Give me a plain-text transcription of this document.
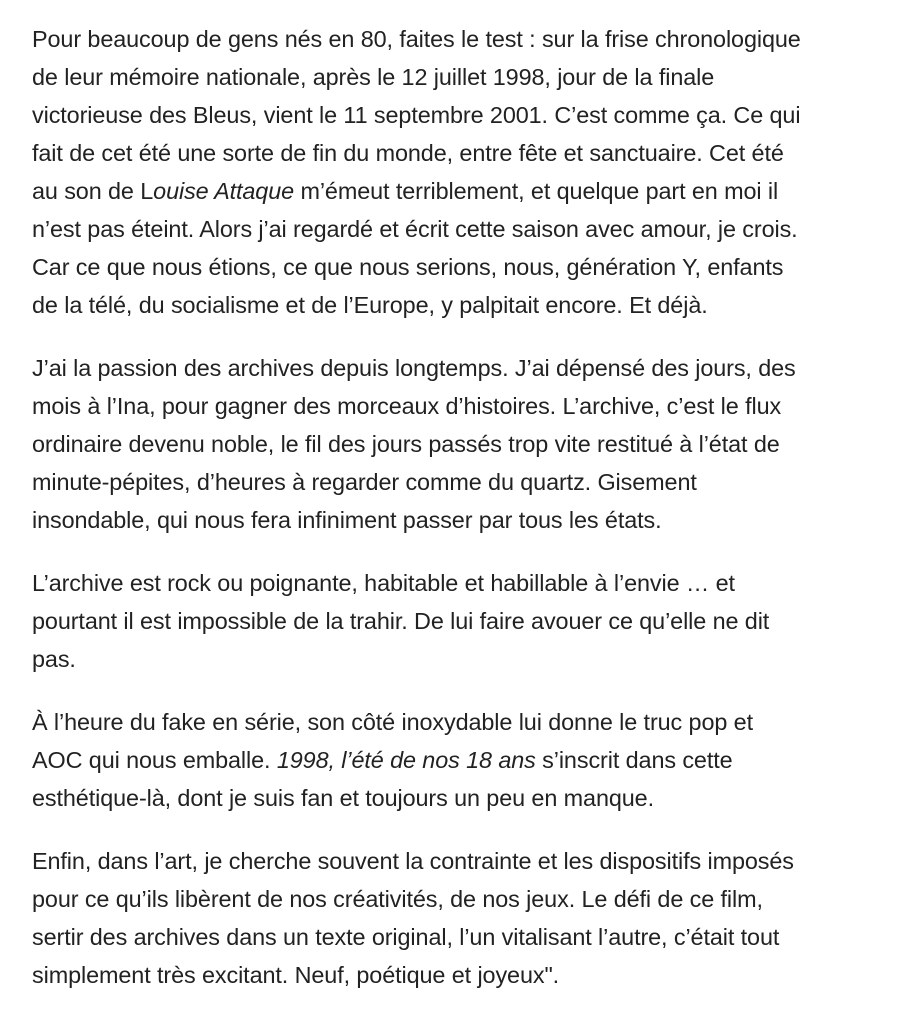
Pour beaucoup de gens nés en 80, faites le test : sur la frise chronologique
de leur mémoire nationale, après le 12 juillet 1998, jour de la finale
victorieuse des Bleus, vient le 11 septembre 2001. C’est comme ça. Ce qui
fait de cet été une sorte de fin du monde, entre fête et sanctuaire. Cet été
au son de Louise Attaque m’émeut terriblement, et quelque part en moi il
n’est pas éteint. Alors j’ai regardé et écrit cette saison avec amour, je crois.
Car ce que nous étions, ce que nous serions, nous, génération Y, enfants
de la télé, du socialisme et de l’Europe, y palpitait encore. Et déjà.

J’ai la passion des archives depuis longtemps. J’ai dépensé des jours, des
mois à l’Ina, pour gagner des morceaux d’histoires. L’archive, c’est le flux
ordinaire devenu noble, le fil des jours passés trop vite restitué à l’état de
minute-pépites, d’heures à regarder comme du quartz. Gisement
insondable, qui nous fera infiniment passer par tous les états.

L’archive est rock ou poignante, habitable et habillable à l’envie … et
pourtant il est impossible de la trahir. De lui faire avouer ce qu’elle ne dit
pas.

À l’heure du fake en série, son côté inoxydable lui donne le truc pop et
AOC qui nous emballe. 1998, l’été de nos 18 ans s’inscrit dans cette
esthétique-là, dont je suis fan et toujours un peu en manque.

Enfin, dans l’art, je cherche souvent la contrainte et les dispositifs imposés
pour ce qu’ils libèrent de nos créativités, de nos jeux. Le défi de ce film,
sertir des archives dans un texte original, l’un vitalisant l’autre, c’était tout
simplement très excitant. Neuf, poétique et joyeux".
